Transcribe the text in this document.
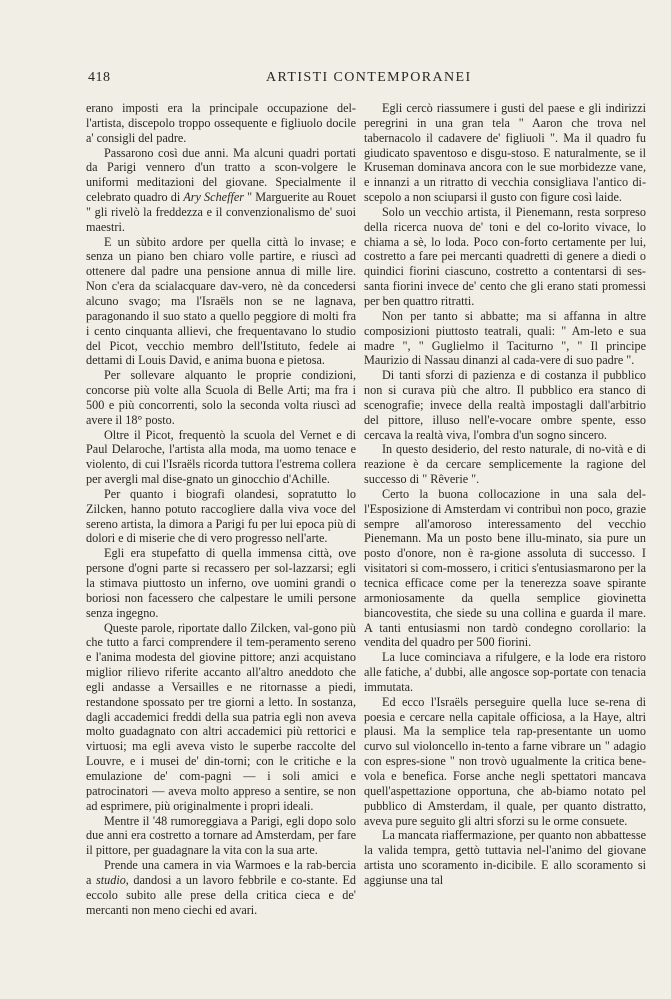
418	ARTISTI CONTEMPORANEI

erano imposti era la principale occupazione del-l'artista, discepolo troppo ossequente e figliuolo docile a' consigli del padre.

Passarono così due anni. Ma alcuni quadri portati da Parigi vennero d'un tratto a scon-volgere le uniformi meditazioni del giovane. Specialmente il celebrato quadro di Ary Scheffer " Marguerite au Rouet " gli rivelò la freddezza e il convenzionalismo de' suoi maestri.

E un sùbito ardore per quella città lo invase; e senza un piano ben chiaro volle partire, e riuscì ad ottenere dal padre una pensione annua di mille lire. Non c'era da scialacquare dav-vero, nè da concedersi alcuno svago; ma l'Israëls non se ne lagnava, paragonando il suo stato a quello peggiore di molti fra i cento cinquanta allievi, che frequentavano lo studio del Picot, vecchio membro dell'Istituto, fedele ai dettami di Louis David, e anima buona e pietosa.

Per sollevare alquanto le proprie condizioni, concorse più volte alla Scuola di Belle Arti; ma fra i 500 e più concorrenti, solo la seconda volta riuscì ad avere il 18° posto.

Oltre il Picot, frequentò la scuola del Vernet e di Paul Delaroche, l'artista alla moda, ma uomo tenace e violento, di cui l'Israëls ricorda tuttora l'estrema collera per avergli mal dise-gnato un ginocchio d'Achille.

Per quanto i biografi olandesi, sopratutto lo Zilcken, hanno potuto raccogliere dalla viva voce del sereno artista, la dimora a Parigi fu per lui epoca più di dolori e di miserie che di vero progresso nell'arte.

Egli era stupefatto di quella immensa città, ove persone d'ogni parte si recassero per sol-lazzarsi; egli la stimava piuttosto un inferno, ove uomini grandi o boriosi non facessero che calpestare le umili persone senza ingegno.

Queste parole, riportate dallo Zilcken, val-gono più che tutto a farci comprendere il tem-peramento sereno e l'anima modesta del giovine pittore; anzi acquistano miglior rilievo riferite accanto all'altro aneddoto che egli andasse a Versailles e ne ritornasse a piedi, restandone spossato per tre giorni a letto. In sostanza, dagli accademici freddi della sua patria egli non aveva molto guadagnato con altri accademici più rettorici e virtuosi; ma egli aveva visto le superbe raccolte del Louvre, e i musei de' din-torni; con le critiche e la emulazione de' com-pagni — i soli amici e patrocinatori — aveva molto appreso a sentire, se non ad esprimere, più originalmente i propri ideali.

Mentre il '48 rumoreggiava a Parigi, egli dopo solo due anni era costretto a tornare ad Amsterdam, per fare il pittore, per guadagnare la vita con la sua arte.

Prende una camera in via Warmoes e la rab-bercia a studio, dandosi a un lavoro febbrile e co-stante. Ed eccolo subito alle prese della critica cieca e de' mercanti non meno ciechi ed avari.

Egli cercò riassumere i gusti del paese e gli indirizzi peregrini in una gran tela " Aaron che trova nel tabernacolo il cadavere de' figliuoli ". Ma il quadro fu giudicato spaventoso e disgu-stoso. E naturalmente, se il Kruseman dominava ancora con le sue morbidezze vane, e innanzi a un ritratto di vecchia consigliava l'antico di-scepolo a non sciuparsi il gusto con figure così laide.

Solo un vecchio artista, il Pienemann, resta sorpreso della ricerca nuova de' toni e del co-lorito vivace, lo chiama a sè, lo loda. Poco con-forto certamente per lui, costretto a fare pei mercanti quadretti di genere a diedi o quindici fiorini ciascuno, costretto a contentarsi di ses-santa fiorini invece de' cento che gli erano stati promessi per ben quattro ritratti.

Non per tanto si abbatte; ma si affanna in altre composizioni piuttosto teatrali, quali: " Am-leto e sua madre ", " Guglielmo il Taciturno ", " Il principe Maurizio di Nassau dinanzi al cada-vere di suo padre ".

Di tanti sforzi di pazienza e di costanza il pubblico non si curava più che altro. Il pubblico era stanco di scenografie; invece della realtà impostagli dall'arbitrio del pittore, illuso nell'e-vocare ombre spente, esso cercava la realtà viva, l'ombra d'un sogno sincero.

In questo desiderio, del resto naturale, di no-vità e di reazione è da cercare semplicemente la ragione del successo di " Rêverie ".

Certo la buona collocazione in una sala del-l'Esposizione di Amsterdam vi contribuì non poco, grazie sempre all'amoroso interessamento del vecchio Pienemann. Ma un posto bene illu-minato, sia pure un posto d'onore, non è ra-gione assoluta di successo. I visitatori si com-mossero, i critici s'entusiasmarono per la tecnica efficace come per la tenerezza soave spirante armoniosamente da quella semplice giovinetta biancovestita, che siede su una collina e guarda il mare. A tanti entusiasmi non tardò condegno corollario: la vendita del quadro per 500 fiorini.

La luce cominciava a rifulgere, e la lode era ristoro alle fatiche, a' dubbi, alle angosce sop-portate con tenacia immutata.

Ed ecco l'Israëls perseguire quella luce se-rena di poesia e cercare nella capitale officiosa, a la Haye, altri plausi. Ma la semplice tela rap-presentante un uomo curvo sul violoncello in-tento a farne vibrare un " adagio con espres-sione " non trovò ugualmente la critica bene-vola e benefica. Forse anche negli spettatori mancava quell'aspettazione opportuna, che ab-biamo notato pel pubblico di Amsterdam, il quale, per quanto distratto, aveva pure seguito gli altri sforzi su le orme consuete.

La mancata riaffermazione, per quanto non abbattesse la valida tempra, gettò tuttavia nel-l'animo del giovane artista uno scoramento in-dicibile. E allo scoramento si aggiunse una tal
